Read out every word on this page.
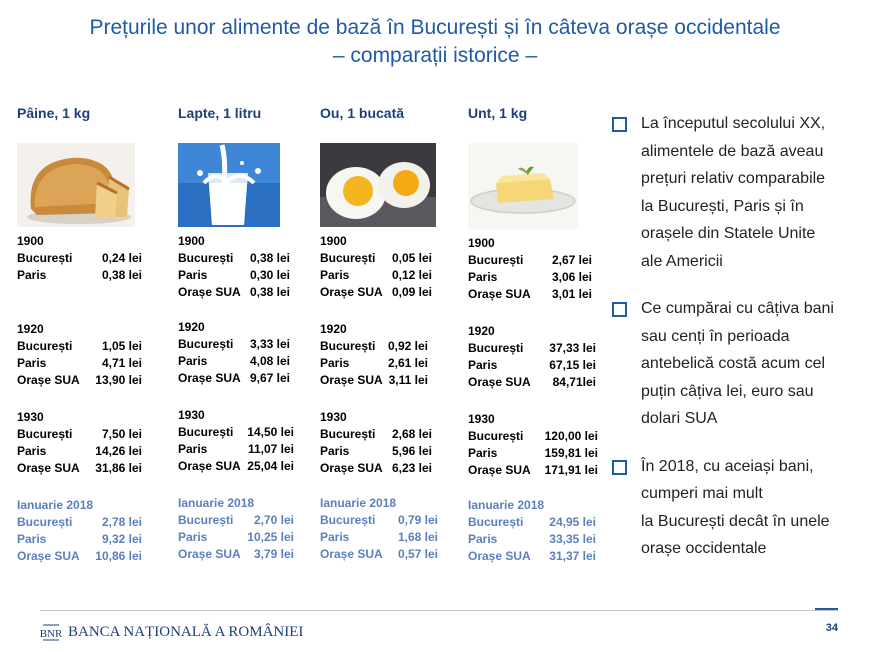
Prețurile unor alimente de bază în București și în câteva orașe occidentale
– comparații istorice –
Pâine, 1 kg
1900
București 0,24 lei
Paris	0,38 lei
1920
București 1,05 lei
Paris	4,71 lei
Orașe SUA 13,90 lei
1930
București 7,50 lei
Paris	14,26 lei
Orașe SUA 31,86 lei
Ianuarie 2018
București 2,78 lei
Paris	9,32 lei
Orașe SUA 10,86 lei
Lapte, 1 litru
1900
București 0,38 lei
Paris	0,30 lei
Orașe SUA 0,38 lei
1920
București 3,33 lei
Paris	4,08 lei
Orașe SUA 9,67 lei
1930
București 14,50 lei
Paris	11,07 lei
Orașe SUA 25,04 lei
Ianuarie 2018
București 2,70 lei
Paris	10,25 lei
Orașe SUA 3,79 lei
Ou, 1 bucată
1900
București 0,05 lei
Paris	0,12 lei
Orașe SUA 0,09 lei
1920
București 0,92 lei
Paris	2,61 lei
Orașe SUA 3,11 lei
1930
București 2,68 lei
Paris	5,96 lei
Orașe SUA 6,23 lei
Ianuarie 2018
București 0,79 lei
Paris	1,68 lei
Orașe SUA 0,57 lei
Unt, 1 kg
1900
București 2,67 lei
Paris	3,06 lei
Orașe SUA 3,01 lei
1920
București 37,33 lei
Paris	67,15 lei
Orașe SUA 84,71lei
1930
București 120,00 lei
Paris	159,81 lei
Orașe SUA 171,91 lei
Ianuarie 2018
București 24,95 lei
Paris	33,35 lei
Orașe SUA 31,37 lei
La începutul secolului XX,
alimentele de bază aveau
prețuri relativ comparabile
la București, Paris și în
orașele din Statele Unite
ale Americii
Ce cumpărai cu câțiva bani
sau cenți în perioada
antebelică costă acum cel
puțin câțiva lei, euro sau
dolari SUA
În 2018, cu aceiași bani,
cumperi mai mult
la București decât în unele
orașe occidentale
BNR BANCA NAȚIONALĂ A ROMÂNIEI	34
